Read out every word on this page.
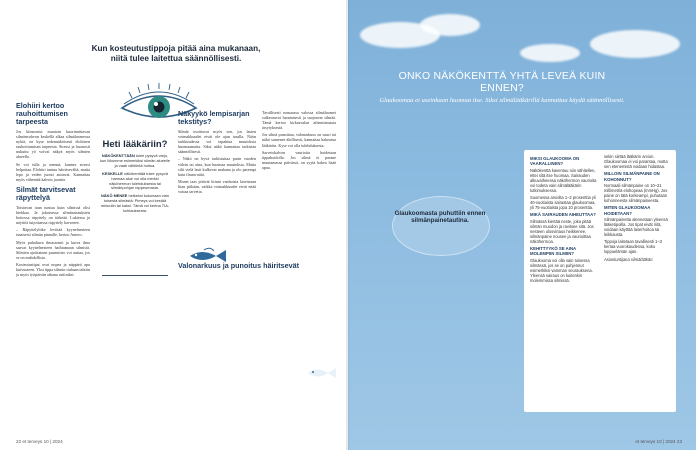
Kun kosteutustippoja pitää aina mukanaan, niitä tulee laitettua säännöllisesti.
Elohiiri kertoo rauhoittumisen tarpeesta

Jos kiinnostui muutoin kuorinnittavan silmänvahvon keskellä alkaa silmäluomessa nykiä, on kyse todennäköisesti elohiiren rauhoittumisen tarpeesta. Stressi ja huonosti nukuttu yö voivat näkyä myös silmien alueella.

Se voi tulla ja mennä, kunnes stressi helpottaa. Elohiiri tuntuu häiritsevältä, mutta lepo ja veden juonti auttavat. Kannattaa myös vähentää kahvin juontia.

Silmät tarvitsevat räpyttelyä

Toistuvan tuan tuntuu kuin silmissä olisi hiekkaa. Ja jokaisessa silmäsairauksien hoitossa räpyttely on tärkeää. Lukiessa ja näyttöä tuijottaessa räpyttely harvenee.

– Räpyttelyliike levittää kyynelnesteen tasaisesti silmän pinnalle, kertoo Antero.

Myös puhaltava ilmastointi ja kuiva ilma saavat kyynelnesteen haihtumaan silmistä. Silmien ajoittainen puunsiirto voi auttaa, jos se on mahdollista.

Kosteutustipat ovat nopea ja näppärä apu kuivuuteen. Yksi tippa silmiin tiuhaan tahtiin ja myös työpäivän aikana rutiiniksi.

Heti lääkäriin?

NÄKÖKENTTÄÄN tulee pysyvä varjo, kun liikumme esimerkiksi silmän alueelle ja vaati välitöntä hoitoa.

KESKELLE näkökenttää tulee pysyvä harmaa alue voi olla merkki näköhermon tulehduksesta tai silmänpohjan rappeumasta.

NÄKÖ MENEE hetkeksi kokonaan vain toisesta silmästä. Pimeys voi kestää minuutin tai kaksi. Tämä voi kertoa TIA-kohtauksesta.

Näkyykö lempisarjan tekstitys?

Silmät osoittavat myös sen, jos lasien voimakkuudet eivät ole ajan tasalla. Näön tarkkuudessa voi tapahtua muutoksia huomaamatta. Siksi näkö kannattaa tarkistaa säännöllisesti.

– Näkö on hyvä tarkistuttaa parin vuoden välein tai aina, kun huomaa muutoksia, Mutta silti vielä lasit kulkevat mukana ja olo parempi kuin ilman niitä.

Monet taas pitävät kiinni vanhoista laseistaan liian pitkään, vaikka voimakkuudet eivät enää vastaa tarvetta.

Tavallisesti runsaassa valossa silmäluomet sulkeutuvat luontaisesti ja suojaavat silmää. Tämä kertoo kirkasvalon aiheuttamasta ärsytyksestä.

Jos silmä punoittaa, valonarkuus on suuri tai näkö sumenee äkillisesti, kannattaa hakeutua lääkäriin. Kyse voi olla tulehduksesta.

Sarveiskalvon vaurioita hoidetaan tippahoidolla. Jos silmä ei parane muutamassa päivässä, on syytä hakea lisää apua.

Valonarkuus ja punoitus häiritsevät
22 et terveys 10 | 2024
ONKO NÄKÖKENTTÄ YHTÄ LEVEÄ KUIN ENNEN?
Glaukoomaa ei useinkaan huomaa itse. Siksi silmälääkärillä kannattaa käydä säännöllisesti.
Glaukoomasta puhuttiin ennen silmänpainetautina.
MIKSI GLAUKOOMA ON VAARALLINEN?

Näkökenttä kaventuu niin vähitellen, ettei sitä itse huomaa. Sairauden alkuvaiheessa näköhermon vaurioita voi todeta vain silmälääkärin tutkimuksessa.

Suomessa arviolta 1–2 prosenttia yli 40-vuotiaista sairastaa glaukoomaa, yli 75-vuotiaista jopa 10 prosenttia.

MIKÄ SAIRAUDEN AIHEUTTAA?

Silmässä kiertää neste, joka pitää silmän muodon ja ravitsee sitä. Jos nesteen ulosvirtaus heikkenee, silmänpaine nousee ja vaurioittaa näköhermoa.

KEHITTYYKÖ SE AINA MOLEMPIIN SILMIIN?

Glaukooma voi olla vain toisessa silmässä, jos se on puhjennut esimerkiksi vamman seurauksena. Yleensä sairaus on kuitenkin molemmissa silmissä.

sekin siirtää lääkärin arvion. Glaukoomaa ei voi parantaa, mutta sen etenemistä voidaan hidastaa.

MILLOIN SILMÄNPAINE ON KOHONNUT?

Normaali silmänpaine on 10–21 millimetriä elohopeaa (mmHg). Jos paine on tätä korkeampi, puhutaan kohonneesta silmänpaineesta.

MITEN GLAUKOOMAA HOIDETAAN?

Silmänpainetta alennetaan yleensä lääketipoilla. Jos tipat eivät riitä, voidaan käyttää laserhoitoa tai leikkausta.

Tippoja laitetaan tavallisesti 1–3 kertaa vuorokaudessa, koko loppuelämän ajan.

Asiantuntijana silmälääkäri.

et terveys 10 | 2024 23
